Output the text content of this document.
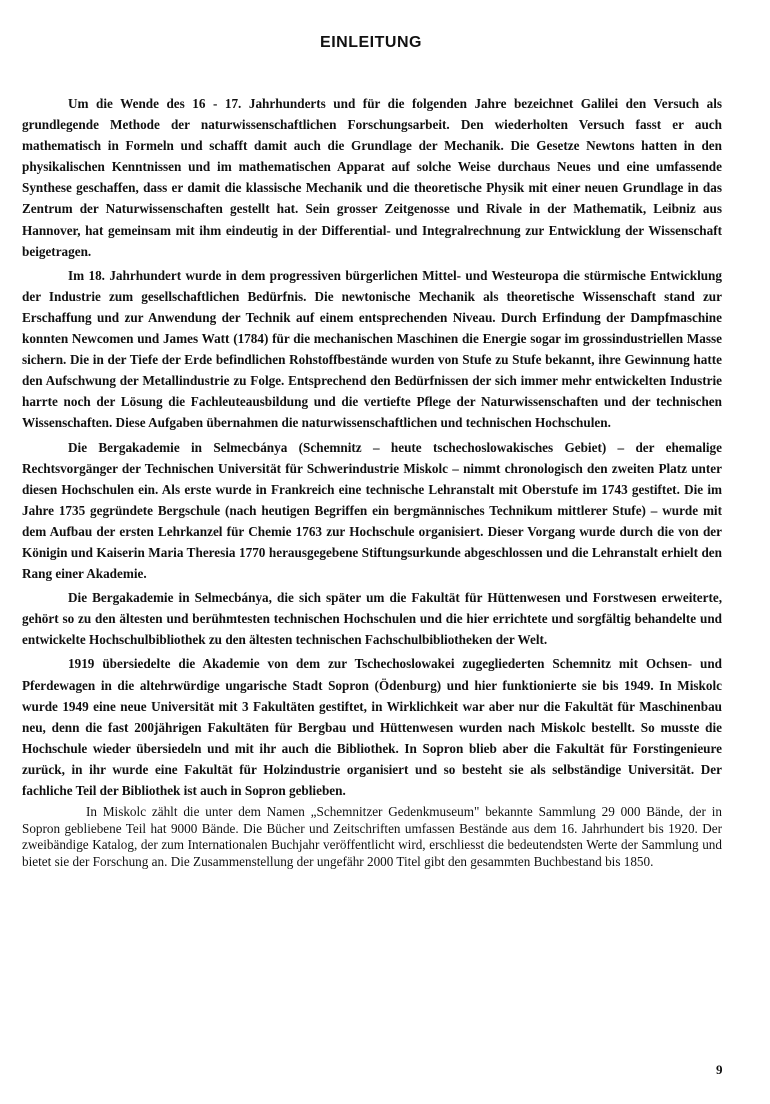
EINLEITUNG

Um die Wende des 16 - 17. Jahrhunderts und für die folgenden Jahre bezeichnet Galilei den Versuch als grundlegende Methode der naturwissenschaftlichen Forschungsarbeit. Den wiederholten Versuch fasst er auch mathematisch in Formeln und schafft damit auch die Grundlage der Mechanik. Die Gesetze Newtons hatten in den physikalischen Kenntnissen und im mathematischen Apparat auf solche Weise durchaus Neues und eine umfassende Synthese geschaffen, dass er damit die klassische Mechanik und die theoretische Physik mit einer neuen Grundlage in das Zentrum der Naturwissenschaften gestellt hat. Sein grosser Zeitgenosse und Rivale in der Mathematik, Leibniz aus Hannover, hat gemeinsam mit ihm eindeutig in der Differential- und Integralrechnung zur Entwicklung der Wissenschaft beigetragen.

Im 18. Jahrhundert wurde in dem progressiven bürgerlichen Mittel- und Westeuropa die stürmische Entwicklung der Industrie zum gesellschaftlichen Bedürfnis. Die newtonische Mechanik als theoretische Wissenschaft stand zur Erschaffung und zur Anwendung der Technik auf einem entsprechenden Niveau. Durch Erfindung der Dampfmaschine konnten Newcomen und James Watt (1784) für die mechanischen Maschinen die Energie sogar im grossindustriellen Masse sichern. Die in der Tiefe der Erde befindlichen Rohstoffbestände wurden von Stufe zu Stufe bekannt, ihre Gewinnung hatte den Aufschwung der Metallindustrie zu Folge. Entsprechend den Bedürfnissen der sich immer mehr entwickelten Industrie harrte noch der Lösung die Fachleuteausbildung und die vertiefte Pflege der Naturwissenschaften und der technischen Wissenschaften. Diese Aufgaben übernahmen die naturwissenschaftlichen und technischen Hochschulen.

Die Bergakademie in Selmecbánya (Schemnitz – heute tschechoslowakisches Gebiet) – der ehemalige Rechtsvorgänger der Technischen Universität für Schwerindustrie Miskolc – nimmt chronologisch den zweiten Platz unter diesen Hochschulen ein. Als erste wurde in Frankreich eine technische Lehranstalt mit Oberstufe im 1743 gestiftet. Die im Jahre 1735 gegründete Bergschule (nach heutigen Begriffen ein bergmännisches Technikum mittlerer Stufe) – wurde mit dem Aufbau der ersten Lehrkanzel für Chemie 1763 zur Hochschule organisiert. Dieser Vorgang wurde durch die von der Königin und Kaiserin Maria Theresia 1770 herausgegebene Stiftungsurkunde abgeschlossen und die Lehranstalt erhielt den Rang einer Akademie.

Die Bergakademie in Selmecbánya, die sich später um die Fakultät für Hüttenwesen und Forstwesen erweiterte, gehört so zu den ältesten und berühmtesten technischen Hochschulen und die hier errichtete und sorgfältig behandelte und entwickelte Hochschulbibliothek zu den ältesten technischen Fachschulbibliotheken der Welt.

1919 übersiedelte die Akademie von dem zur Tschechoslowakei zugegliederten Schemnitz mit Ochsen- und Pferdewagen in die altehrwürdige ungarische Stadt Sopron (Ödenburg) und hier funktionierte sie bis 1949. In Miskolc wurde 1949 eine neue Universität mit 3 Fakultäten gestiftet, in Wirklichkeit war aber nur die Fakultät für Maschinenbau neu, denn die fast 200jährigen Fakultäten für Bergbau und Hüttenwesen wurden nach Miskolc bestellt. So musste die Hochschule wieder übersiedeln und mit ihr auch die Bibliothek. In Sopron blieb aber die Fakultät für Forstingenieure zurück, in ihr wurde eine Fakultät für Holzindustrie organisiert und so besteht sie als selbständige Universität. Der fachliche Teil der Bibliothek ist auch in Sopron geblieben.

In Miskolc zählt die unter dem Namen „Schemnitzer Gedenkmuseum" bekannte Sammlung 29 000 Bände, der in Sopron gebliebene Teil hat 9000 Bände. Die Bücher und Zeitschriften umfassen Bestände aus dem 16. Jahrhundert bis 1920. Der zweibändige Katalog, der zum Internationalen Buchjahr veröffentlicht wird, erschliesst die bedeutendsten Werte der Sammlung und bietet sie der Forschung an. Die Zusammenstellung der ungefähr 2000 Titel gibt den gesammten Buchbestand bis 1850.

9
